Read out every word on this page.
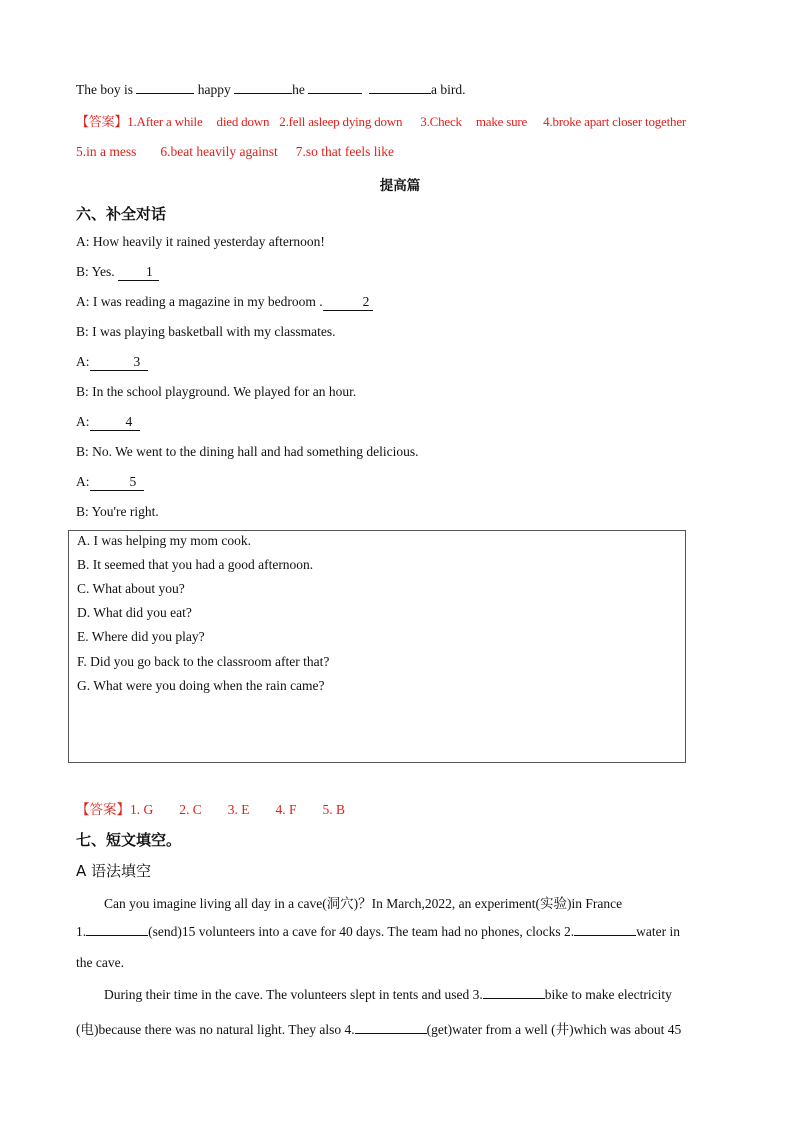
The boy is	happy	he	a bird.
【答案】1.After a while died down 2.fell asleep dying down 3.Check make sure 4.broke apart closer together
5.in a mess 6.beat heavily against 7.so that feels like
提高篇
六、补全对话
A: How heavily it rained yesterday afternoon!
B: Yes. 1
A: I was reading a magazine in my bedroom .	2
B: I was playing basketball with my classmates.
A:	3
B: In the school playground. We played for an hour.
A:	4
B: No. We went to the dining hall and had something delicious.
A:	5
B: You're right.
A. I was helping my mom cook.
B. It seemed that you had a good afternoon.
C. What about you?
D. What did you eat?
E. Where did you play?
F. Did you go back to the classroom after that?
G. What were you doing when the rain came?
【答案】1. G 2. C 3. E 4. F 5. B
七、短文填空。
A 语法填空
Can you imagine living all day in a cave(洞穴)？In March,2022, an experiment(实验)in France
1.	(send)15 volunteers into a cave for 40 days. The team had no phones, clocks 2.	water in
the cave.
During their time in the cave. The volunteers slept in tents and used 3.	bike to make electricity
(电)because there was no natural light. They also 4.	(get)water from a well (井)which was about 45
